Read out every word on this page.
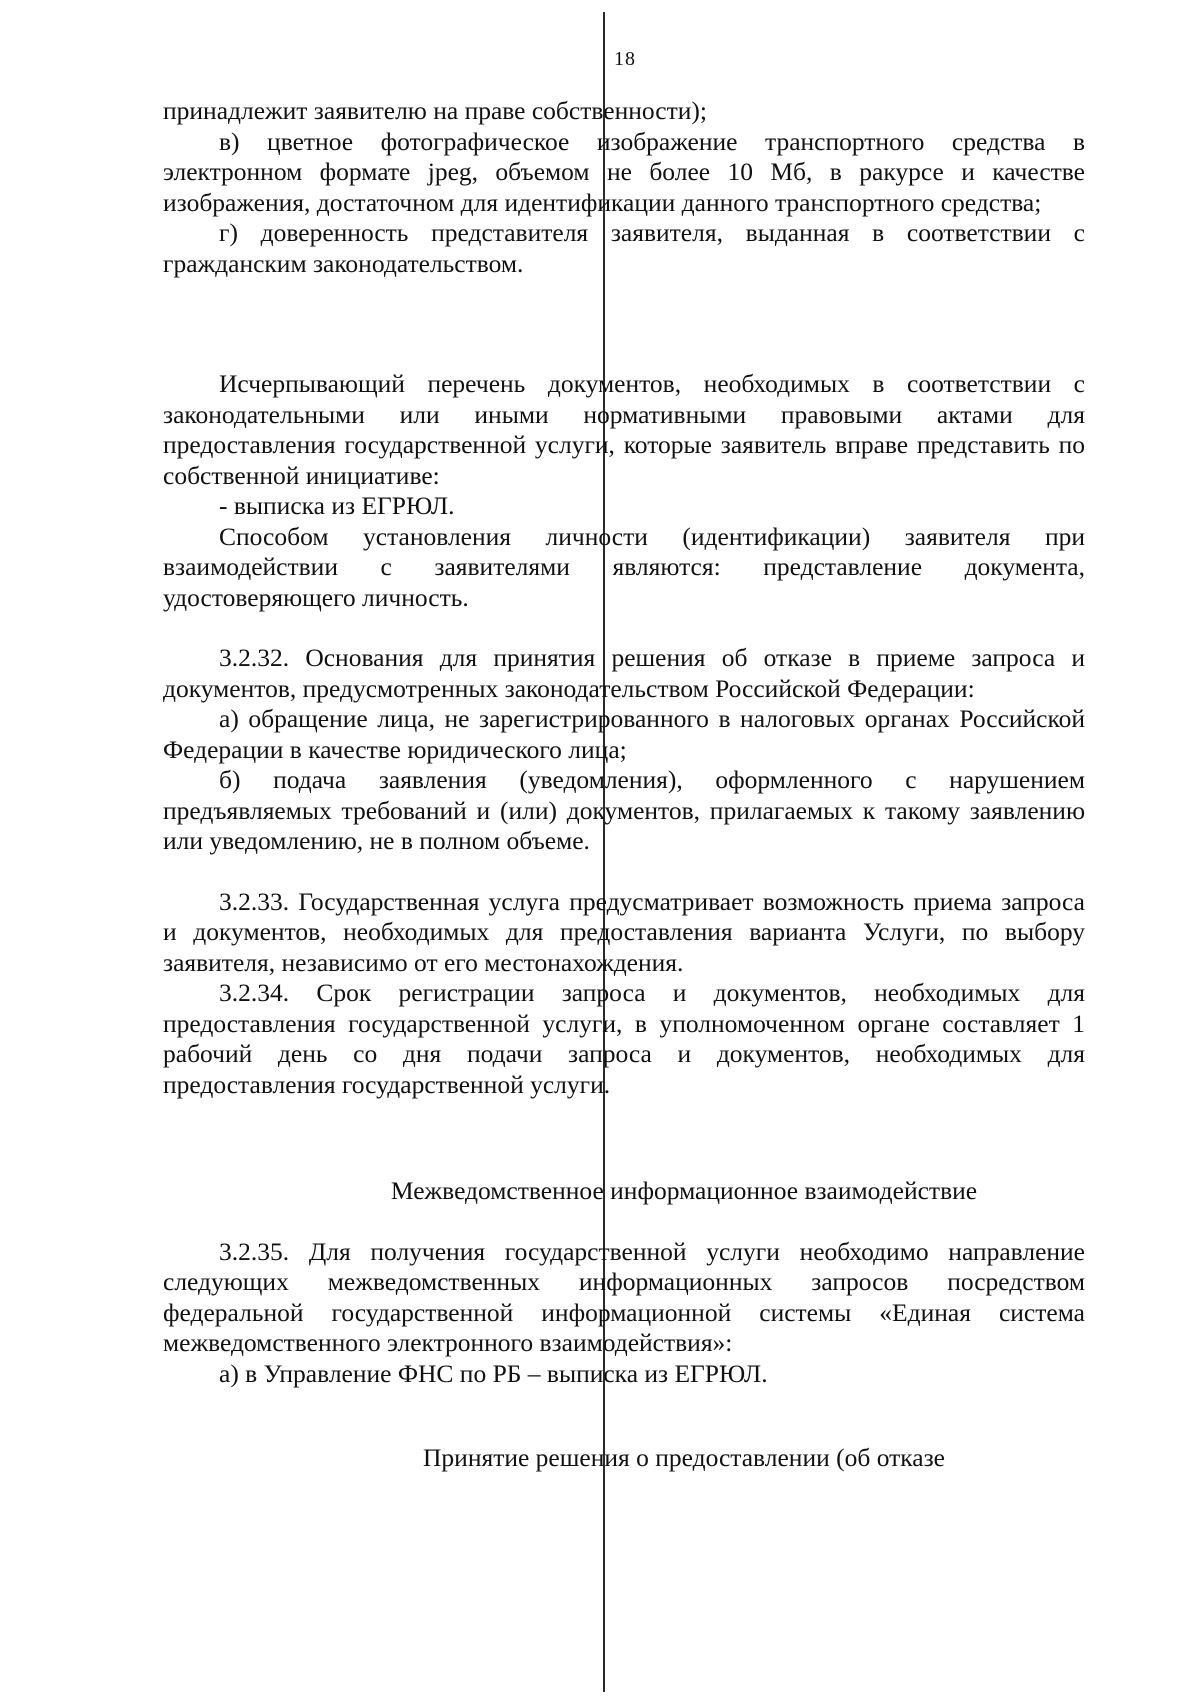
18

принадлежит заявителю на праве собственности);

в) цветное фотографическое изображение транспортного средства в электронном формате jpeg, объемом не более 10 Мб, в ракурсе и качестве изображения, достаточном для идентификации данного транспортного средства;

г) доверенность представителя заявителя, выданная в соответствии с гражданским законодательством.

Исчерпывающий перечень документов, необходимых в соответствии с законодательными или иными нормативными правовыми актами для предоставления государственной услуги, которые заявитель вправе представить по собственной инициативе:

- выписка из ЕГРЮЛ.

Способом установления личности (идентификации) заявителя при взаимодействии с заявителями являются: представление документа, удостоверяющего личность.

3.2.32. Основания для принятия решения об отказе в приеме запроса и документов, предусмотренных законодательством Российской Федерации:

а) обращение лица, не зарегистрированного в налоговых органах Российской Федерации в качестве юридического лица;

б) подача заявления (уведомления), оформленного с нарушением предъявляемых требований и (или) документов, прилагаемых к такому заявлению или уведомлению, не в полном объеме.

3.2.33. Государственная услуга предусматривает возможность приема запроса и документов, необходимых для предоставления варианта Услуги, по выбору заявителя, независимо от его местонахождения.

3.2.34. Срок регистрации запроса и документов, необходимых для предоставления государственной услуги, в уполномоченном органе составляет 1 рабочий день со дня подачи запроса и документов, необходимых для предоставления государственной услуги.

Межведомственное информационное взаимодействие

3.2.35. Для получения государственной услуги необходимо направление следующих межведомственных информационных запросов посредством федеральной государственной информационной системы «Единая система межведомственного электронного взаимодействия»:

а) в Управление ФНС по РБ – выписка из ЕГРЮЛ.

Принятие решения о предоставлении (об отказе
